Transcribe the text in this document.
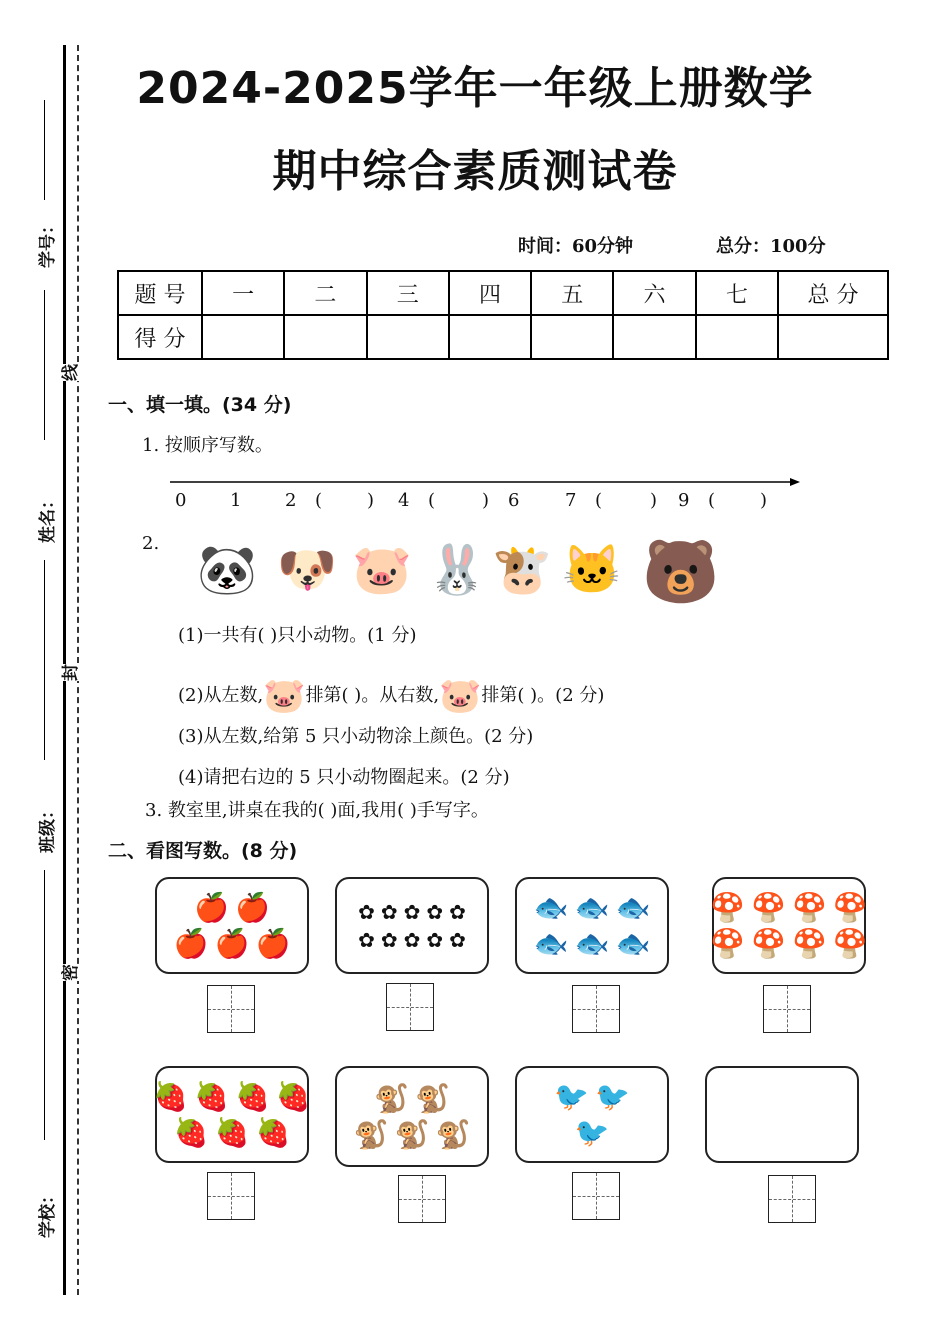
学号：
线
姓名：
封
班级：
密
学校：
2024-2025学年一年级上册数学
期中综合素质测试卷
时间：60分钟	总分：100分
题 号	一	二	三	四	五	六	七	总 分
得 分								
一、填一填。(34 分)
1. 按顺序写数。
0 1 2 ( ) 4 (	) 6	7 (	) 9 ( )
2. 🐼 🐶 🐷 🐰 🐮 🐱 🐻
(1)一共有( )只小动物。(1 分)
(2)从左数,🐷排第( )。从右数,🐷排第( )。(2 分)
(3)从左数,给第 5 只小动物涂上颜色。(2 分)
(4)请把右边的 5 只小动物圈起来。(2 分)
3. 教室里,讲桌在我的( )面,我用( )手写字。
二、看图写数。(8 分)
🍎 🍎
🍎 🍎 🍎
✿ ✿ ✿ ✿ ✿
✿ ✿ ✿ ✿ ✿
🐟 🐟 🐟
🐟 🐟 🐟
🍄 🍄 🍄 🍄
🍄 🍄 🍄 🍄
🍓 🍓 🍓 🍓
🍓 🍓 🍓
🐒 🐒
🐒 🐒 🐒
🐦 🐦
🐦
